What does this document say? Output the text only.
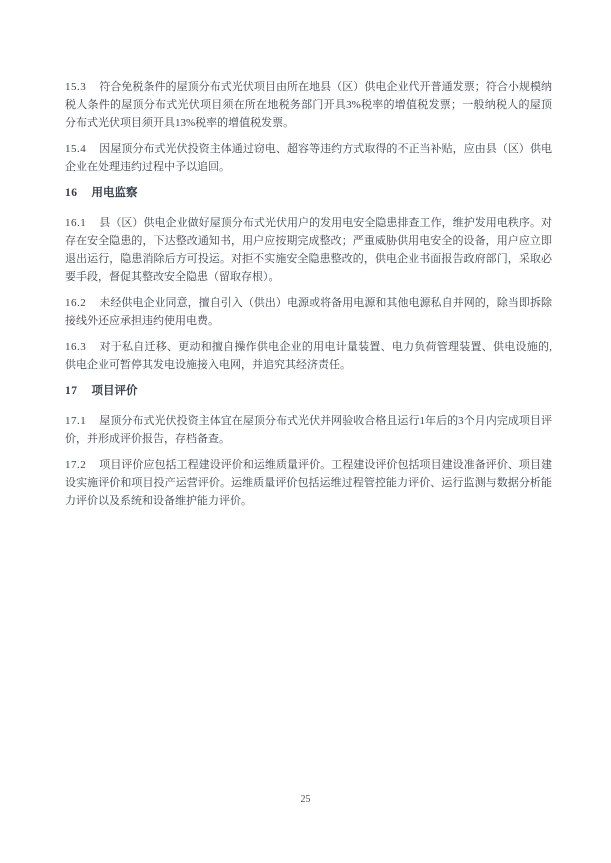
15.3 符合免税条件的屋顶分布式光伏项目由所在地县（区）供电企业代开普通发票；符合小规模纳税人条件的屋顶分布式光伏项目须在所在地税务部门开具3%税率的增值税发票；一般纳税人的屋顶分布式光伏项目须开具13%税率的增值税发票。

15.4 因屋顶分布式光伏投资主体通过窃电、超容等违约方式取得的不正当补贴，应由县（区）供电企业在处理违约过程中予以追回。

16 用电监察

16.1 县（区）供电企业做好屋顶分布式光伏用户的发用电安全隐患排查工作，维护发用电秩序。对存在安全隐患的，下达整改通知书，用户应按期完成整改；严重威胁供用电安全的设备，用户应立即退出运行，隐患消除后方可投运。对拒不实施安全隐患整改的，供电企业书面报告政府部门，采取必要手段，督促其整改安全隐患（留取存根）。

16.2 未经供电企业同意，擅自引入（供出）电源或将备用电源和其他电源私自并网的，除当即拆除接线外还应承担违约使用电费。

16.3 对于私自迁移、更动和擅自操作供电企业的用电计量装置、电力负荷管理装置、供电设施的,供电企业可暂停其发电设施接入电网，并追究其经济责任。

17 项目评价

17.1 屋顶分布式光伏投资主体宜在屋顶分布式光伏并网验收合格且运行1年后的3个月内完成项目评价，并形成评价报告，存档备查。

17.2 项目评价应包括工程建设评价和运维质量评价。工程建设评价包括项目建设准备评价、项目建设实施评价和项目投产运营评价。运维质量评价包括运维过程管控能力评价、运行监测与数据分析能力评价以及系统和设备维护能力评价。

25
